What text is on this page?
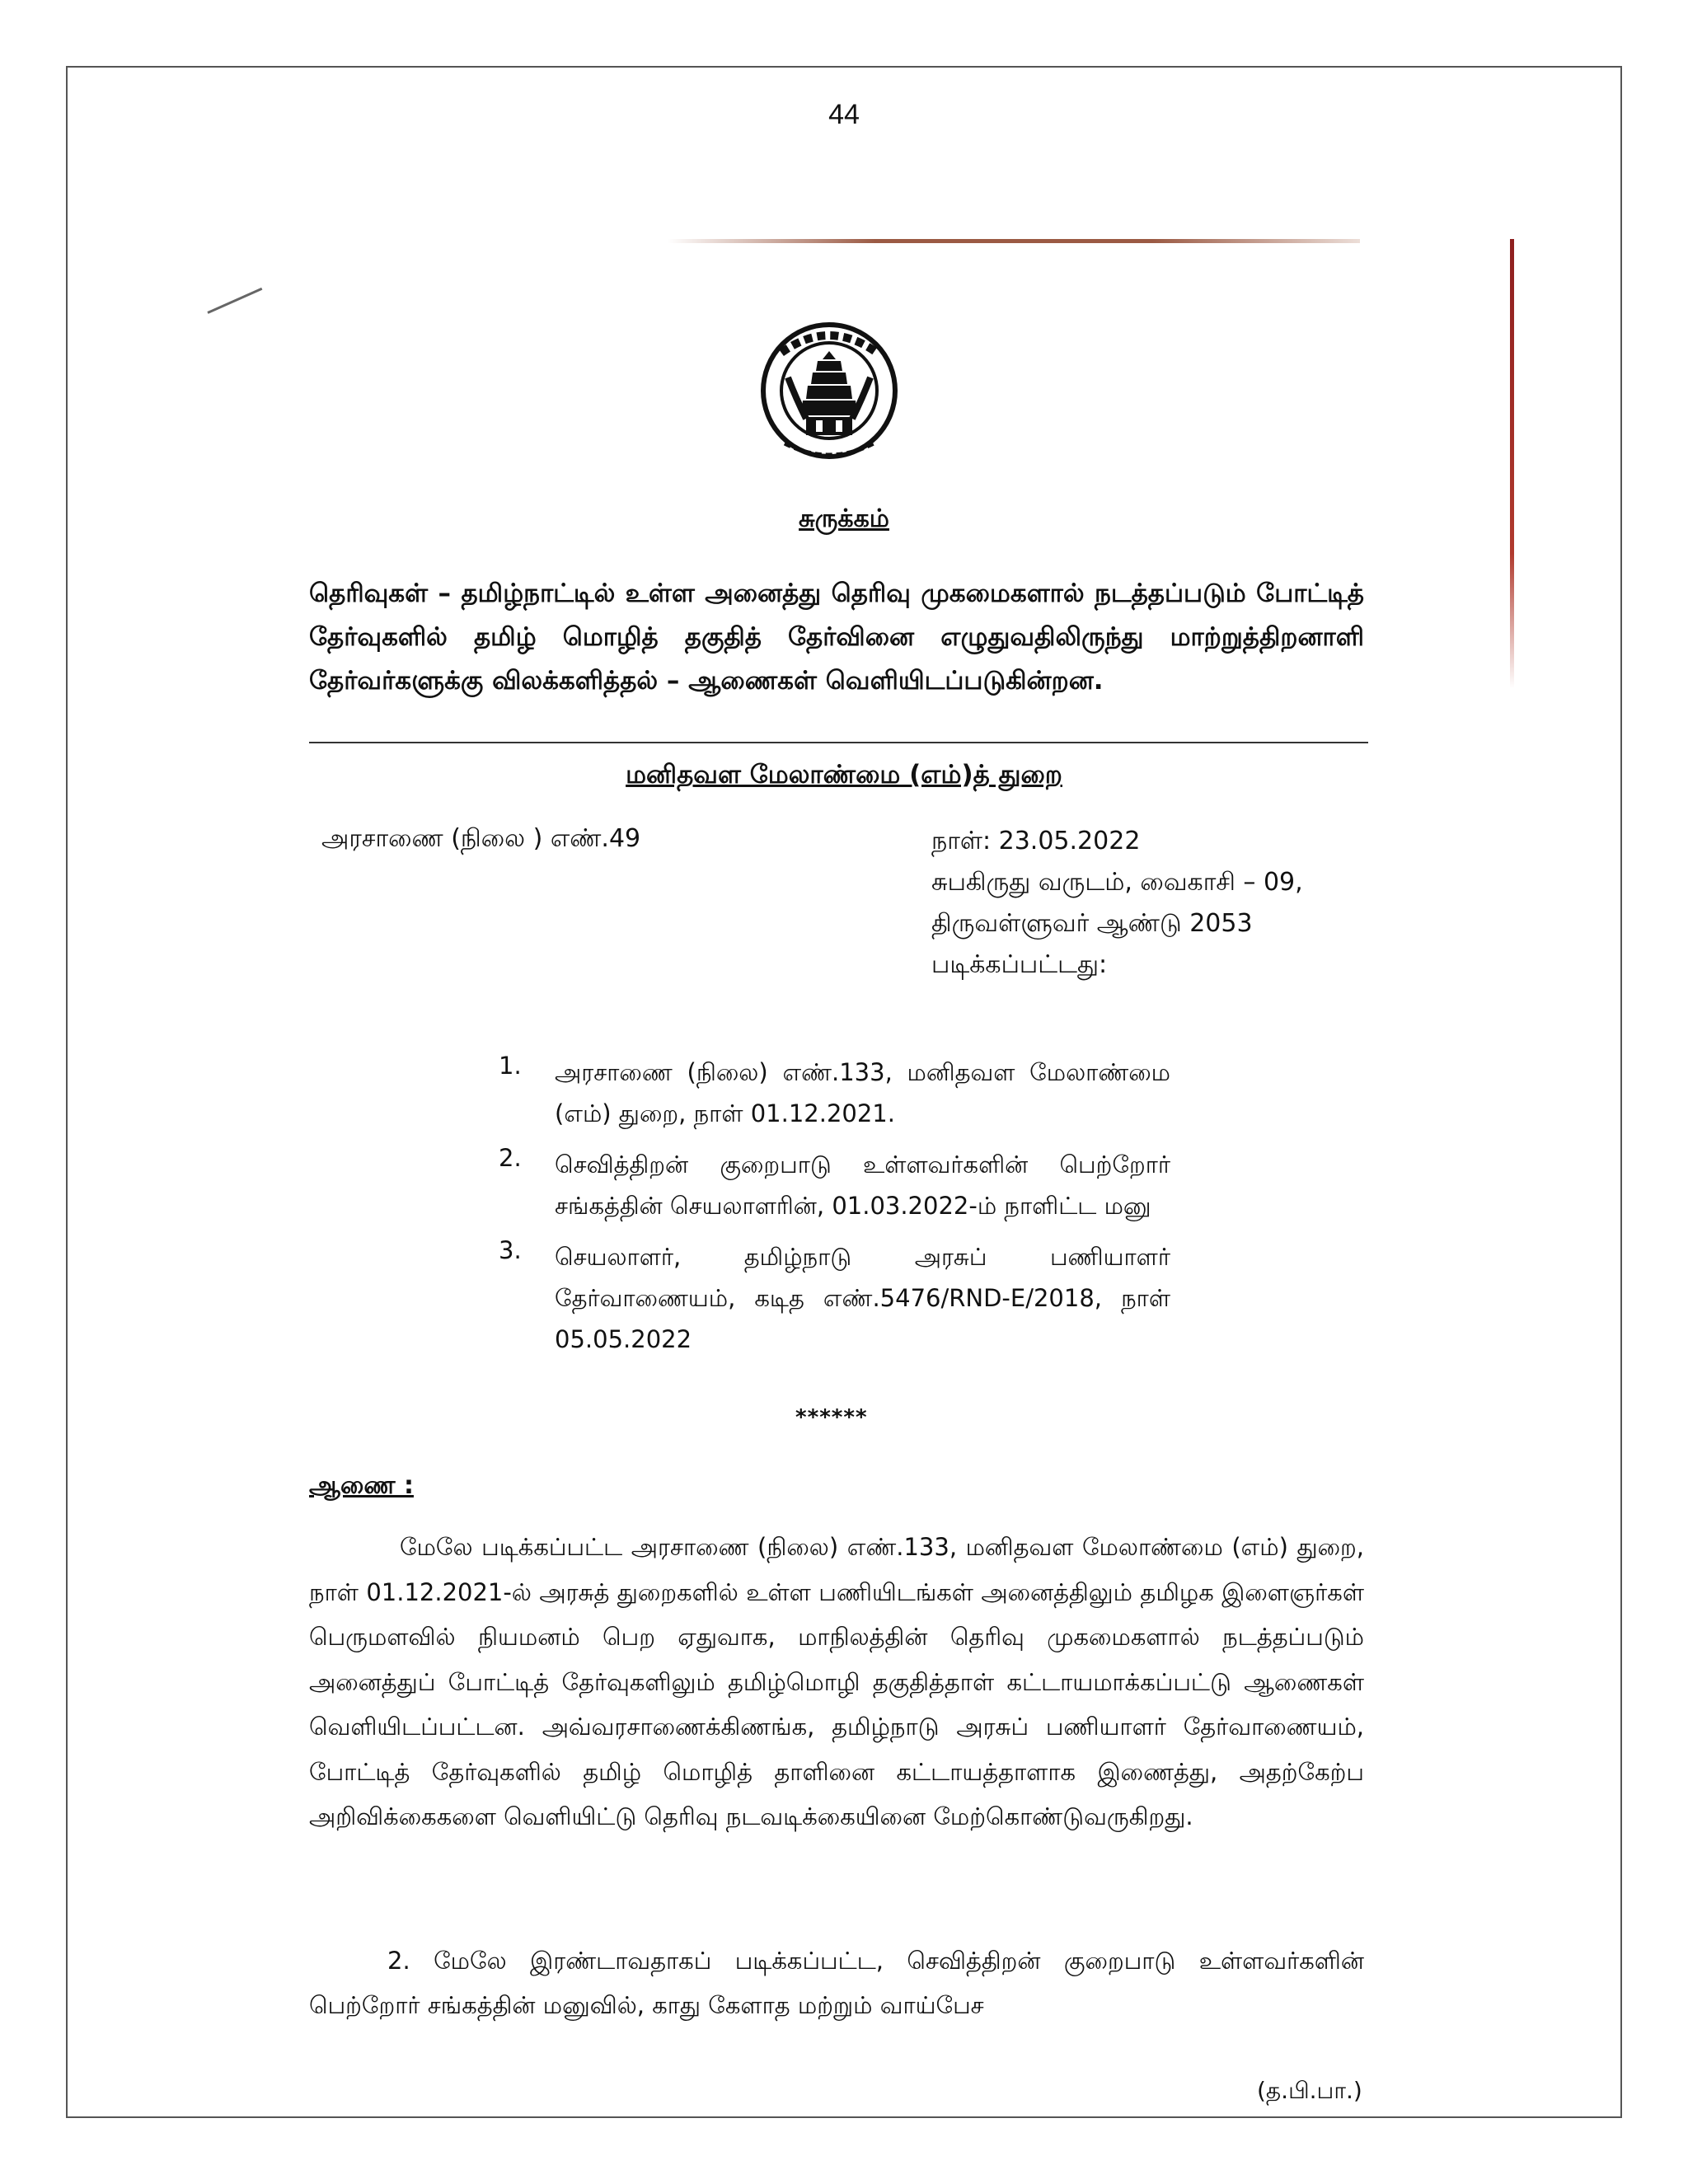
44
சுருக்கம்
தெரிவுகள் – தமிழ்நாட்டில் உள்ள அனைத்து தெரிவு முகமைகளால் நடத்தப்படும் போட்டித் தேர்வுகளில் தமிழ் மொழித் தகுதித் தேர்வினை எழுதுவதிலிருந்து மாற்றுத்திறனாளி தேர்வர்களுக்கு விலக்களித்தல் – ஆணைகள் வெளியிடப்படுகின்றன.
மனிதவள மேலாண்மை (எம்)த் துறை
அரசாணை (நிலை ) எண்.49	நாள்: 23.05.2022
சுபகிருது வருடம், வைகாசி – 09,
திருவள்ளுவர் ஆண்டு 2053
படிக்கப்பட்டது:
1.	அரசாணை (நிலை) எண்.133, மனிதவள மேலாண்மை (எம்) துறை, நாள் 01.12.2021.
2.	செவித்திறன் குறைபாடு உள்ளவர்களின் பெற்றோர் சங்கத்தின் செயலாளரின், 01.03.2022-ம் நாளிட்ட மனு
3.	செயலாளர், தமிழ்நாடு அரசுப் பணியாளர் தேர்வாணையம், கடித எண்.5476/RND-E/2018, நாள் 05.05.2022
******
ஆணை :
மேலே படிக்கப்பட்ட அரசாணை (நிலை) எண்.133, மனிதவள மேலாண்மை (எம்) துறை, நாள் 01.12.2021-ல் அரசுத் துறைகளில் உள்ள பணியிடங்கள் அனைத்திலும் தமிழக இளைஞர்கள் பெருமளவில் நியமனம் பெற ஏதுவாக, மாநிலத்தின் தெரிவு முகமைகளால் நடத்தப்படும் அனைத்துப் போட்டித் தேர்வுகளிலும் தமிழ்மொழி தகுதித்தாள் கட்டாயமாக்கப்பட்டு ஆணைகள் வெளியிடப்பட்டன. அவ்வரசாணைக்கிணங்க, தமிழ்நாடு அரசுப் பணியாளர் தேர்வாணையம், போட்டித் தேர்வுகளில் தமிழ் மொழித் தாளினை கட்டாயத்தாளாக இணைத்து, அதற்கேற்ப அறிவிக்கைகளை வெளியிட்டு தெரிவு நடவடிக்கையினை மேற்கொண்டுவருகிறது.
2. மேலே இரண்டாவதாகப் படிக்கப்பட்ட, செவித்திறன் குறைபாடு உள்ளவர்களின் பெற்றோர் சங்கத்தின் மனுவில், காது கேளாத மற்றும் வாய்பேச
(த.பி.பா.)
